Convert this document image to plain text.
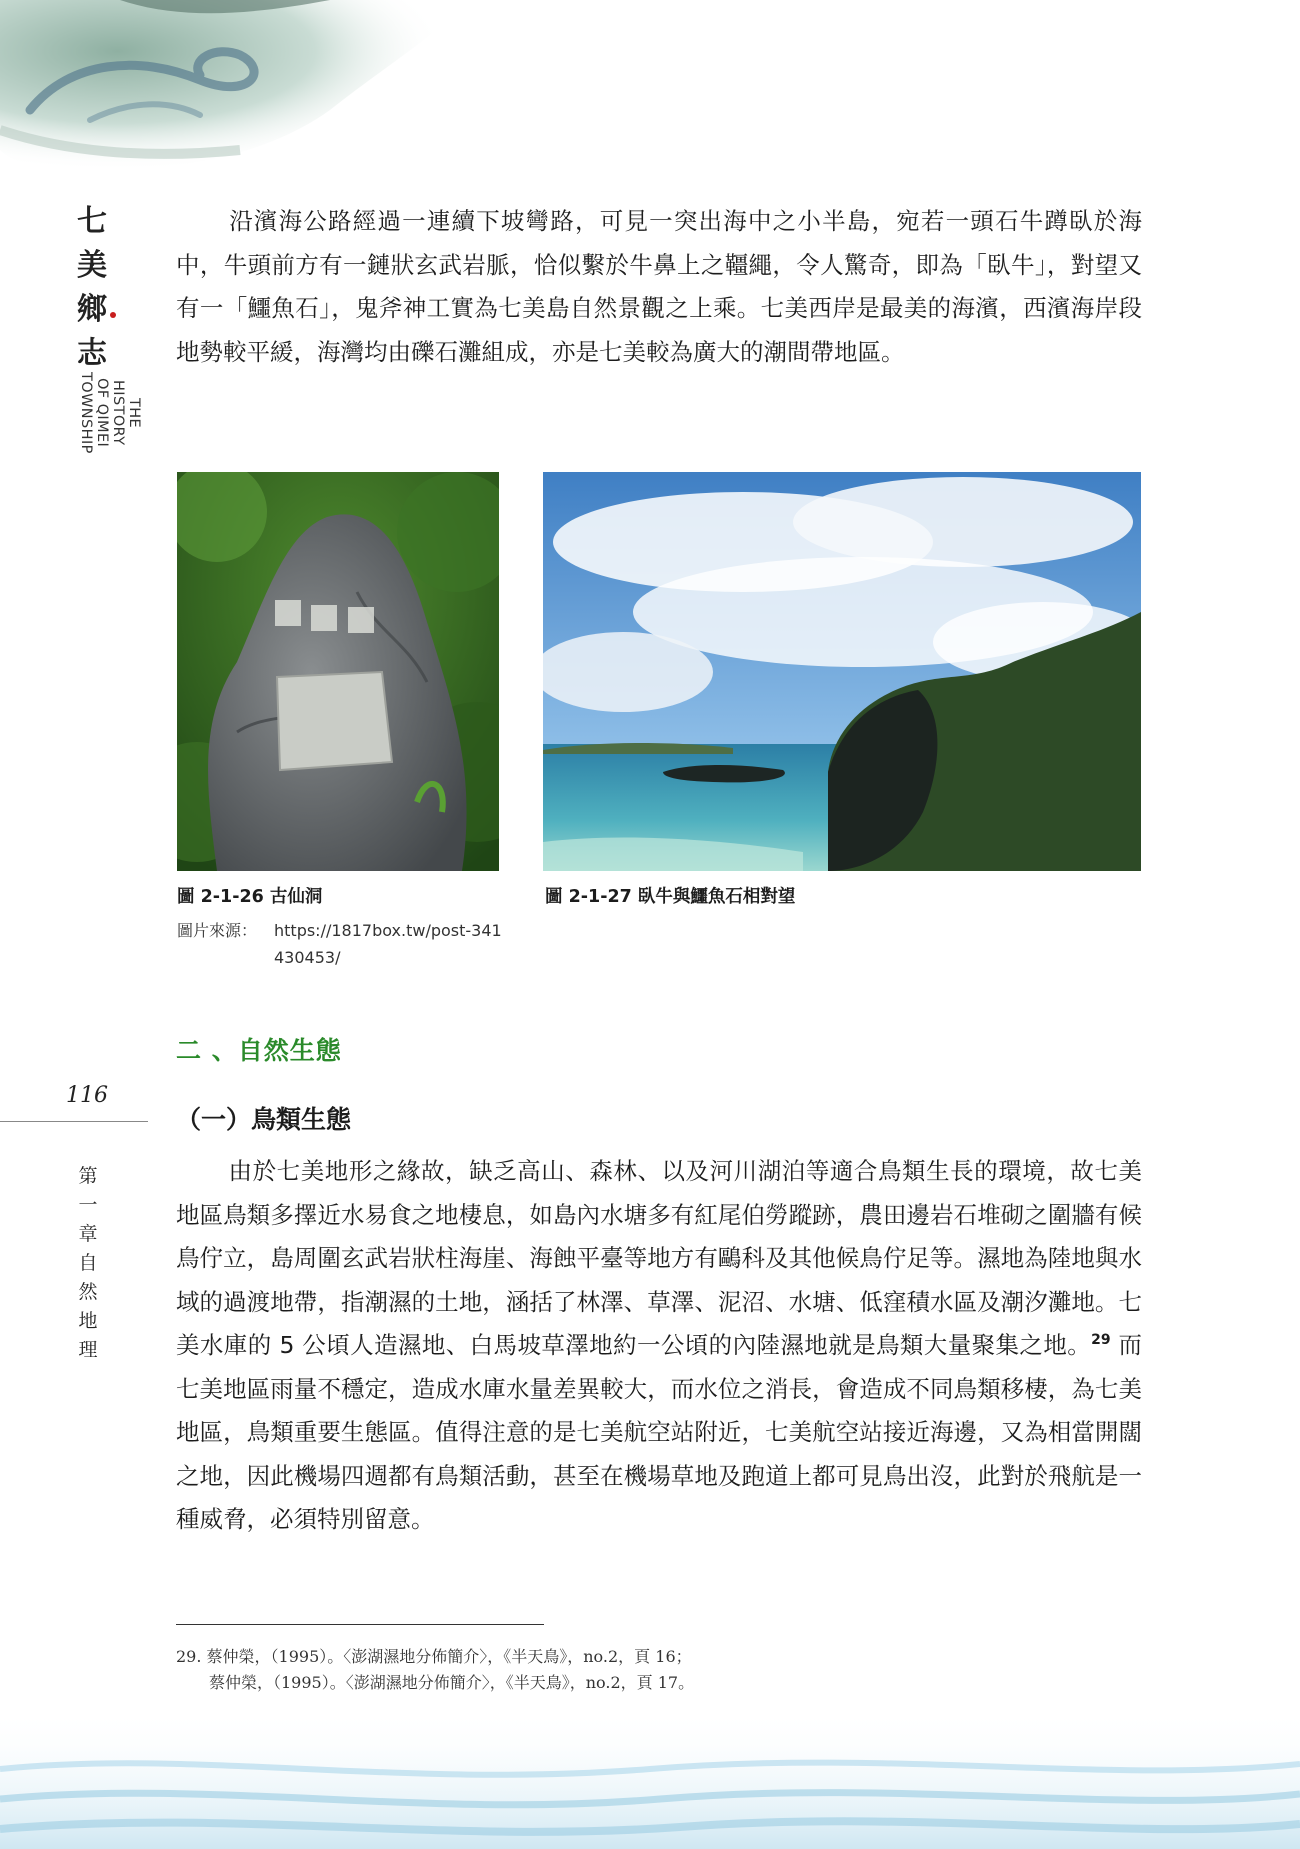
七
美
鄉
志
THE HISTORY OF QIMEI TOWNSHIP
116
第一章 自然地理

沿濱海公路經過一連續下坡彎路，可見一突出海中之小半島，宛若一頭石牛蹲臥於海中，牛頭前方有一鏈狀玄武岩脈，恰似繫於牛鼻上之韁繩，令人驚奇，即為「臥牛」，對望又有一「鱷魚石」，鬼斧神工實為七美島自然景觀之上乘。七美西岸是最美的海濱，西濱海岸段地勢較平緩，海灣均由礫石灘組成，亦是七美較為廣大的潮間帶地區。

圖 2-1-26 古仙洞	圖 2-1-27 臥牛與鱷魚石相對望
圖片來源：	https://1817box.tw/post-341430453/
二 、自然生態
（一）鳥類生態

由於七美地形之緣故，缺乏高山、森林、以及河川湖泊等適合鳥類生長的環境，故七美地區鳥類多擇近水易食之地棲息，如島內水塘多有紅尾伯勞蹤跡，農田邊岩石堆砌之圍牆有候鳥佇立，島周圍玄武岩狀柱海崖、海蝕平臺等地方有鷗科及其他候鳥佇足等。濕地為陸地與水域的過渡地帶，指潮濕的土地，涵括了林澤、草澤、泥沼、水塘、低窪積水區及潮汐灘地。七美水庫的 5 公頃人造濕地、白馬坡草澤地約一公頃的內陸濕地就是鳥類大量聚集之地。$^{29}$ 而七美地區雨量不穩定，造成水庫水量差異較大，而水位之消長，會造成不同鳥類移棲，為七美地區，鳥類重要生態區。值得注意的是七美航空站附近，七美航空站接近海邊，又為相當開闊之地，因此機場四週都有鳥類活動，甚至在機場草地及跑道上都可見鳥出沒，此對於飛航是一種威脅，必須特別留意。

29. 蔡仲榮，（1995）。〈澎湖濕地分佈簡介〉，《半天鳥》，no.2，頁 16；
蔡仲榮，（1995）。〈澎湖濕地分佈簡介〉，《半天鳥》，no.2，頁 17。
